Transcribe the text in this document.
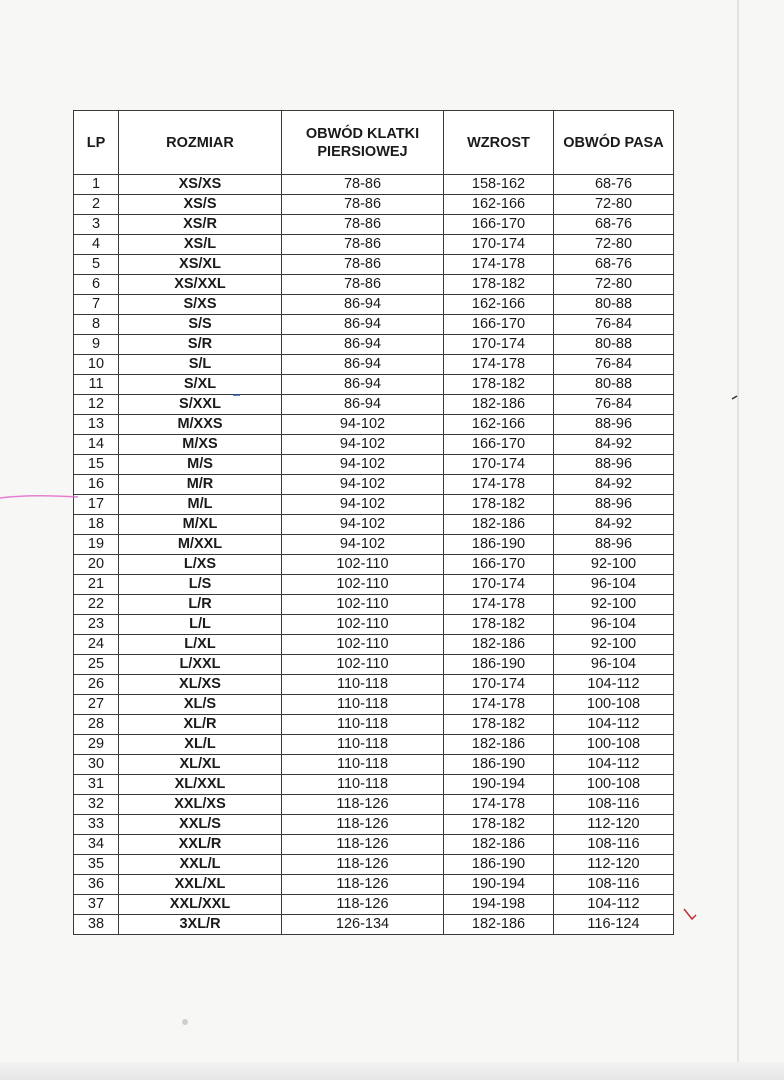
LP	ROZMIAR	OBWÓD KLATKI PIERSIOWEJ	WZROST	OBWÓD PASA
1	XS/XS	78-86	158-162	68-76
2	XS/S	78-86	162-166	72-80
3	XS/R	78-86	166-170	68-76
4	XS/L	78-86	170-174	72-80
5	XS/XL	78-86	174-178	68-76
6	XS/XXL	78-86	178-182	72-80
7	S/XS	86-94	162-166	80-88
8	S/S	86-94	166-170	76-84
9	S/R	86-94	170-174	80-88
10	S/L	86-94	174-178	76-84
11	S/XL	86-94	178-182	80-88
12	S/XXL	86-94	182-186	76-84
13	M/XXS	94-102	162-166	88-96
14	M/XS	94-102	166-170	84-92
15	M/S	94-102	170-174	88-96
16	M/R	94-102	174-178	84-92
17	M/L	94-102	178-182	88-96
18	M/XL	94-102	182-186	84-92
19	M/XXL	94-102	186-190	88-96
20	L/XS	102-110	166-170	92-100
21	L/S	102-110	170-174	96-104
22	L/R	102-110	174-178	92-100
23	L/L	102-110	178-182	96-104
24	L/XL	102-110	182-186	92-100
25	L/XXL	102-110	186-190	96-104
26	XL/XS	110-118	170-174	104-112
27	XL/S	110-118	174-178	100-108
28	XL/R	110-118	178-182	104-112
29	XL/L	110-118	182-186	100-108
30	XL/XL	110-118	186-190	104-112
31	XL/XXL	110-118	190-194	100-108
32	XXL/XS	118-126	174-178	108-116
33	XXL/S	118-126	178-182	112-120
34	XXL/R	118-126	182-186	108-116
35	XXL/L	118-126	186-190	112-120
36	XXL/XL	118-126	190-194	108-116
37	XXL/XXL	118-126	194-198	104-112
38	3XL/R	126-134	182-186	116-124
